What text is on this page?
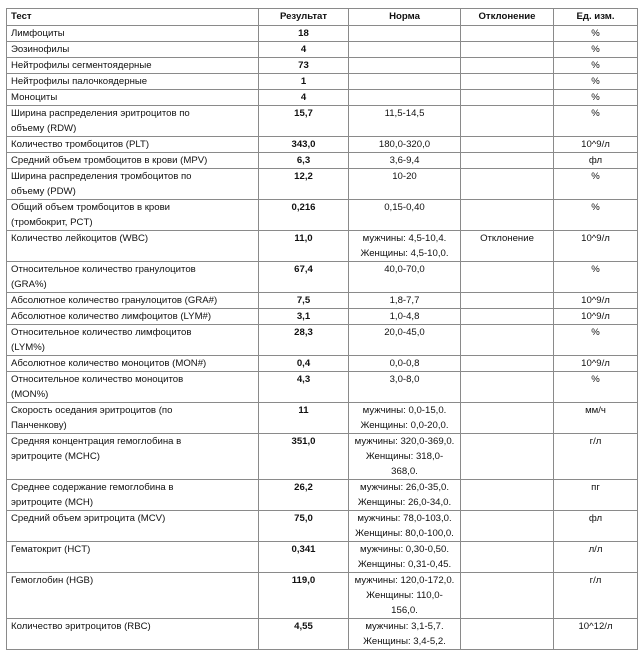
Тест	Результат	Норма	Отклонение	Ед. изм.

Лимфоциты	18			%

Эозинофилы	4			%

Нейтрофилы сегментоядерные	73			%

Нейтрофилы палочкоядерные	1			%

Моноциты	4			%

Ширина распределения эритроцитов по
объему (RDW)	15,7	11,5-14,5		%

Количество тромбоцитов (PLT)	343,0	180,0-320,0		10^9/л

Средний объем тромбоцитов в крови (MPV)	6,3	3,6-9,4		фл

Ширина распределения тромбоцитов по
объему (PDW)	12,2	10-20		%

Общий объем тромбоцитов в крови
(тромбокрит, PCT)	0,216	0,15-0,40		%

Количество лейкоцитов (WBC)	11,0	мужчины: 4,5-10,4.
Женщины: 4,5-10,0.	Отклонение	10^9/л

Относительное количество гранулоцитов
(GRA%)	67,4	40,0-70,0		%

Абсолютное количество гранулоцитов (GRA#)	7,5	1,8-7,7		10^9/л

Абсолютное количество лимфоцитов (LYM#)	3,1	1,0-4,8		10^9/л

Относительное количество лимфоцитов
(LYM%)	28,3	20,0-45,0		%

Абсолютное количество моноцитов (MON#)	0,4	0,0-0,8		10^9/л

Относительное количество моноцитов
(MON%)	4,3	3,0-8,0		%

Скорость оседания эритроцитов (по
Панченкову)	11	мужчины: 0,0-15,0.
Женщины: 0,0-20,0.		мм/ч

Средняя концентрация гемоглобина в
эритроците (MCHC)	351,0	мужчины: 320,0-369,0.
Женщины: 318,0-368,0.		г/л

Среднее содержание гемоглобина в
эритроците (MCH)	26,2	мужчины: 26,0-35,0.
Женщины: 26,0-34,0.		пг

Средний объем эритроцита (MCV)	75,0	мужчины: 78,0-103,0.
Женщины: 80,0-100,0.		фл

Гематокрит (HCT)	0,341	мужчины: 0,30-0,50.
Женщины: 0,31-0,45.		л/л

Гемоглобин (HGB)	119,0	мужчины: 120,0-172,0.
Женщины: 110,0-156,0.		г/л

Количество эритроцитов (RBC)	4,55	мужчины: 3,1-5,7.
Женщины: 3,4-5,2.		10^12/л
